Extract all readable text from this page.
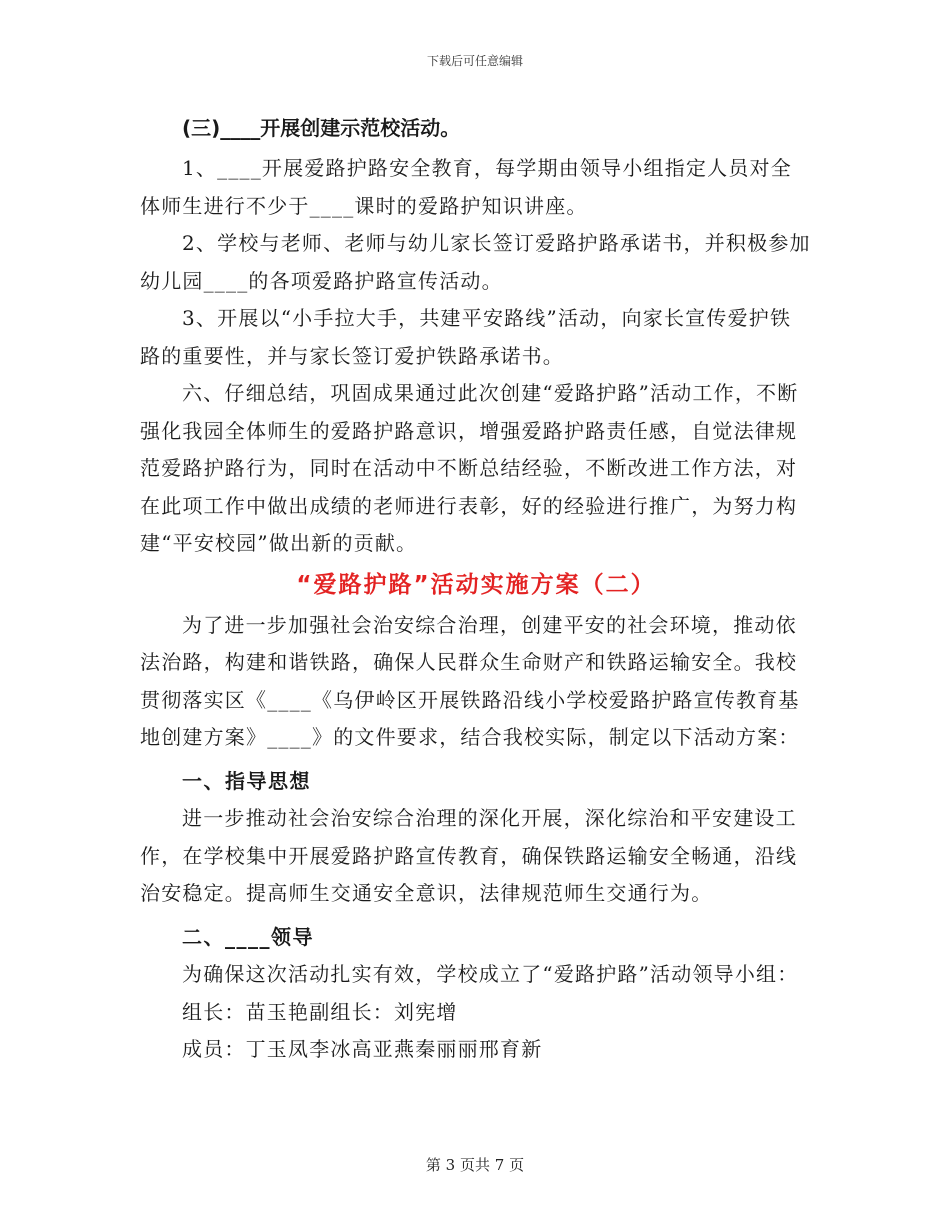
下载后可任意编辑

(三)____开展创建示范校活动。

1、____开展爱路护路安全教育，每学期由领导小组指定人员对全体师生进行不少于____课时的爱路护知识讲座。

2、学校与老师、老师与幼儿家长签订爱路护路承诺书，并积极参加幼儿园____的各项爱路护路宣传活动。

3、开展以“小手拉大手，共建平安路线”活动，向家长宣传爱护铁路的重要性，并与家长签订爱护铁路承诺书。

六、仔细总结，巩固成果通过此次创建“爱路护路”活动工作，不断强化我园全体师生的爱路护路意识，增强爱路护路责任感，自觉法律规范爱路护路行为，同时在活动中不断总结经验，不断改进工作方法，对在此项工作中做出成绩的老师进行表彰，好的经验进行推广，为努力构建“平安校园”做出新的贡献。

“爱路护路”活动实施方案（二）

为了进一步加强社会治安综合治理，创建平安的社会环境，推动依法治路，构建和谐铁路，确保人民群众生命财产和铁路运输安全。我校贯彻落实区《____《乌伊岭区开展铁路沿线小学校爱路护路宣传教育基地创建方案》____》的文件要求，结合我校实际，制定以下活动方案：

一、指导思想

进一步推动社会治安综合治理的深化开展，深化综治和平安建设工作，在学校集中开展爱路护路宣传教育，确保铁路运输安全畅通，沿线治安稳定。提高师生交通安全意识，法律规范师生交通行为。

二、____领导

为确保这次活动扎实有效，学校成立了“爱路护路”活动领导小组：

组长：苗玉艳副组长：刘宪增

成员：丁玉凤李冰高亚燕秦丽丽邢育新

第 3 页共 7 页
